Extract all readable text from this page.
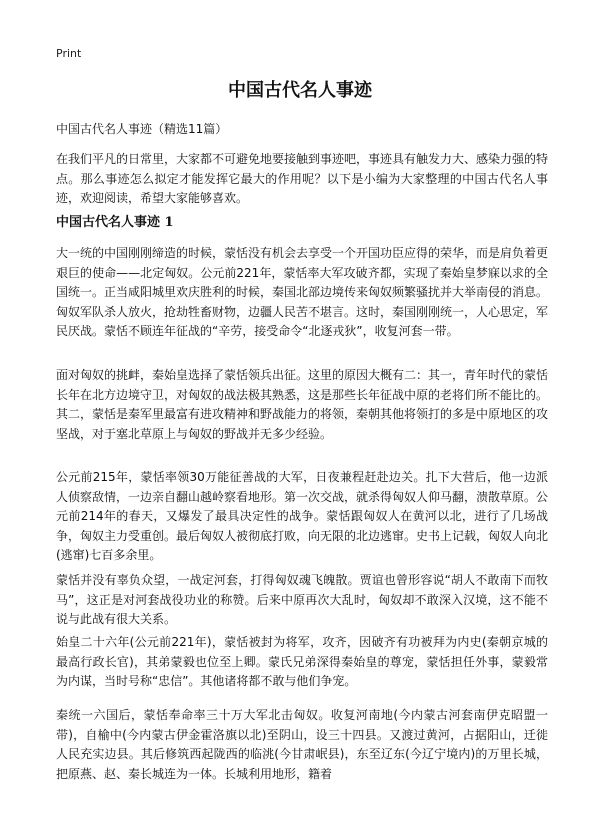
Print
中国古代名人事迹

中国古代名人事迹（精选11篇）

在我们平凡的日常里，大家都不可避免地要接触到事迹吧，事迹具有触发力大、感染力强的特点。那么事迹怎么拟定才能发挥它最大的作用呢？以下是小编为大家整理的中国古代名人事迹，欢迎阅读，希望大家能够喜欢。

中国古代名人事迹 1

大一统的中国刚刚缔造的时候，蒙恬没有机会去享受一个开国功臣应得的荣华，而是肩负着更艰巨的使命——北定匈奴。公元前221年，蒙恬率大军攻破齐都，实现了秦始皇梦寐以求的全国统一。正当咸阳城里欢庆胜利的时候，秦国北部边境传来匈奴频繁骚扰并大举南侵的消息。匈奴军队杀人放火，抢劫牲畜财物，边疆人民苦不堪言。这时，秦国刚刚统一，人心思定，军民厌战。蒙恬不顾连年征战的“辛劳，接受命令“北逐戎狄”，收复河套一带。

面对匈奴的挑衅，秦始皇选择了蒙恬领兵出征。这里的原因大概有二：其一，青年时代的蒙恬长年在北方边境守卫，对匈奴的战法极其熟悉，这是那些长年征战中原的老将们所不能比的。其二，蒙恬是秦军里最富有进攻精神和野战能力的将领，秦朝其他将领打的多是中原地区的攻坚战，对于塞北草原上与匈奴的野战并无多少经验。

公元前215年，蒙恬率领30万能征善战的大军，日夜兼程赶赴边关。扎下大营后，他一边派人侦察敌情，一边亲自翻山越岭察看地形。第一次交战，就杀得匈奴人仰马翻，溃散草原。公元前214年的春天，又爆发了最具决定性的战争。蒙恬跟匈奴人在黄河以北，进行了几场战争，匈奴主力受重创。最后匈奴人被彻底打败，向无限的北边逃窜。史书上记载，匈奴人向北(逃窜)七百多余里。

蒙恬并没有辜负众望，一战定河套，打得匈奴魂飞魄散。贾谊也曾形容说“胡人不敢南下而牧马”，这正是对河套战役功业的称赞。后来中原再次大乱时，匈奴却不敢深入汉境，这不能不说与此战有很大关系。

始皇二十六年(公元前221年)，蒙恬被封为将军，攻齐，因破齐有功被拜为内史(秦朝京城的最高行政长官)，其弟蒙毅也位至上卿。蒙氏兄弟深得秦始皇的尊宠，蒙恬担任外事，蒙毅常为内谋，当时号称“忠信”。其他诸将都不敢与他们争宠。

秦统一六国后，蒙恬奉命率三十万大军北击匈奴。收复河南地(今内蒙古河套南伊克昭盟一带)，自榆中(今内蒙古伊金霍洛旗以北)至阴山，设三十四县。又渡过黄河，占据阳山，迁徙人民充实边县。其后修筑西起陇西的临洮(今甘肃岷县)，东至辽东(今辽宁境内)的万里长城，把原燕、赵、秦长城连为一体。长城利用地形，籍着
